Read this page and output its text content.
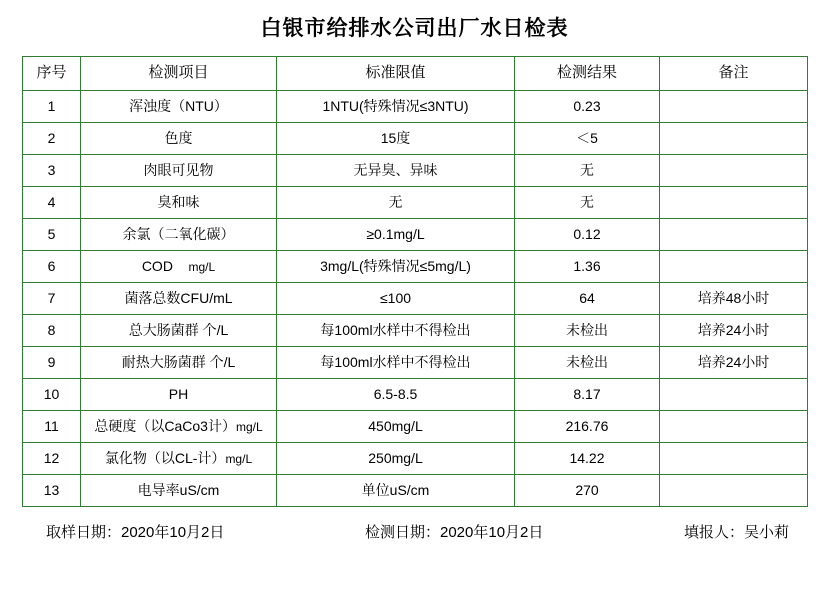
白银市给排水公司出厂水日检表
序号	检测项目	标准限值	检测结果	备注
1	浑浊度（NTU）	1NTU(特殊情况≤3NTU)	0.23	
2	色度	15度	＜5	
3	肉眼可见物	无异臭、异味	无	
4	臭和味	无	无	
5	余氯（二氧化碳）	≥0.1mg/L	0.12	
6	COD mg/L	3mg/L(特殊情况≤5mg/L)	1.36	
7	菌落总数CFU/mL	≤100	64	培养48小时
8	总大肠菌群 个/L	每100ml水样中不得检出	未检出	培养24小时
9	耐热大肠菌群 个/L	每100ml水样中不得检出	未检出	培养24小时
10	PH	6.5-8.5	8.17	
11	总硬度（以CaCo3计）mg/L	450mg/L	216.76	
12	氯化物（以CL-计）mg/L	250mg/L	14.22	
13	电导率uS/cm	单位uS/cm	270	
取样日期：2020年10月2日	检测日期：2020年10月2日	填报人：吴小莉
